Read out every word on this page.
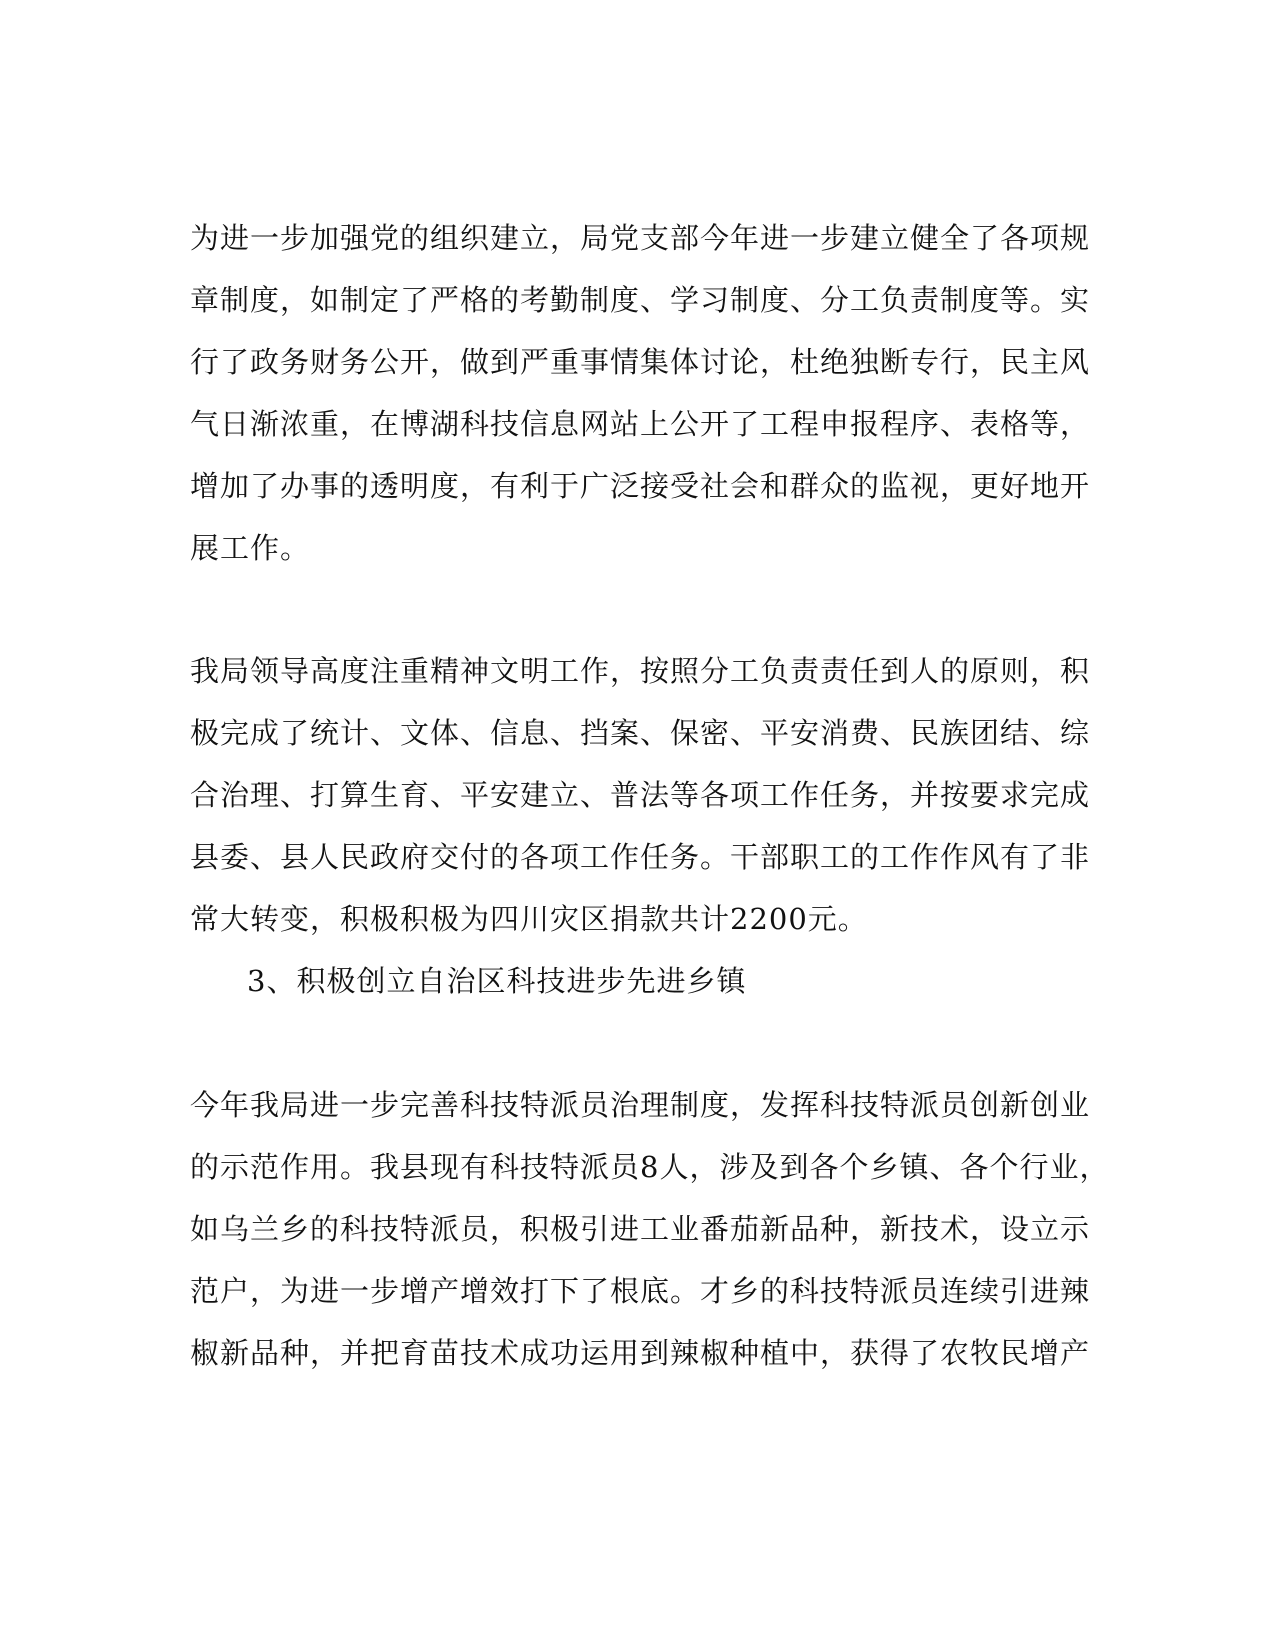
为进一步加强党的组织建立，局党支部今年进一步建立健全了各项规
章制度，如制定了严格的考勤制度、学习制度、分工负责制度等。实
行了政务财务公开，做到严重事情集体讨论，杜绝独断专行，民主风
气日渐浓重，在博湖科技信息网站上公开了工程申报程序、表格等，
增加了办事的透明度，有利于广泛接受社会和群众的监视，更好地开
展工作。
我局领导高度注重精神文明工作，按照分工负责责任到人的原则，积
极完成了统计、文体、信息、挡案、保密、平安消费、民族团结、综
合治理、打算生育、平安建立、普法等各项工作任务，并按要求完成
县委、县人民政府交付的各项工作任务。干部职工的工作作风有了非
常大转变，积极积极为四川灾区捐款共计2200元。
3、积极创立自治区科技进步先进乡镇
今年我局进一步完善科技特派员治理制度，发挥科技特派员创新创业
的示范作用。我县现有科技特派员8人，涉及到各个乡镇、各个行业，
如乌兰乡的科技特派员，积极引进工业番茄新品种，新技术，设立示
范户，为进一步增产增效打下了根底。才乡的科技特派员连续引进辣
椒新品种，并把育苗技术成功运用到辣椒种植中，获得了农牧民增产
